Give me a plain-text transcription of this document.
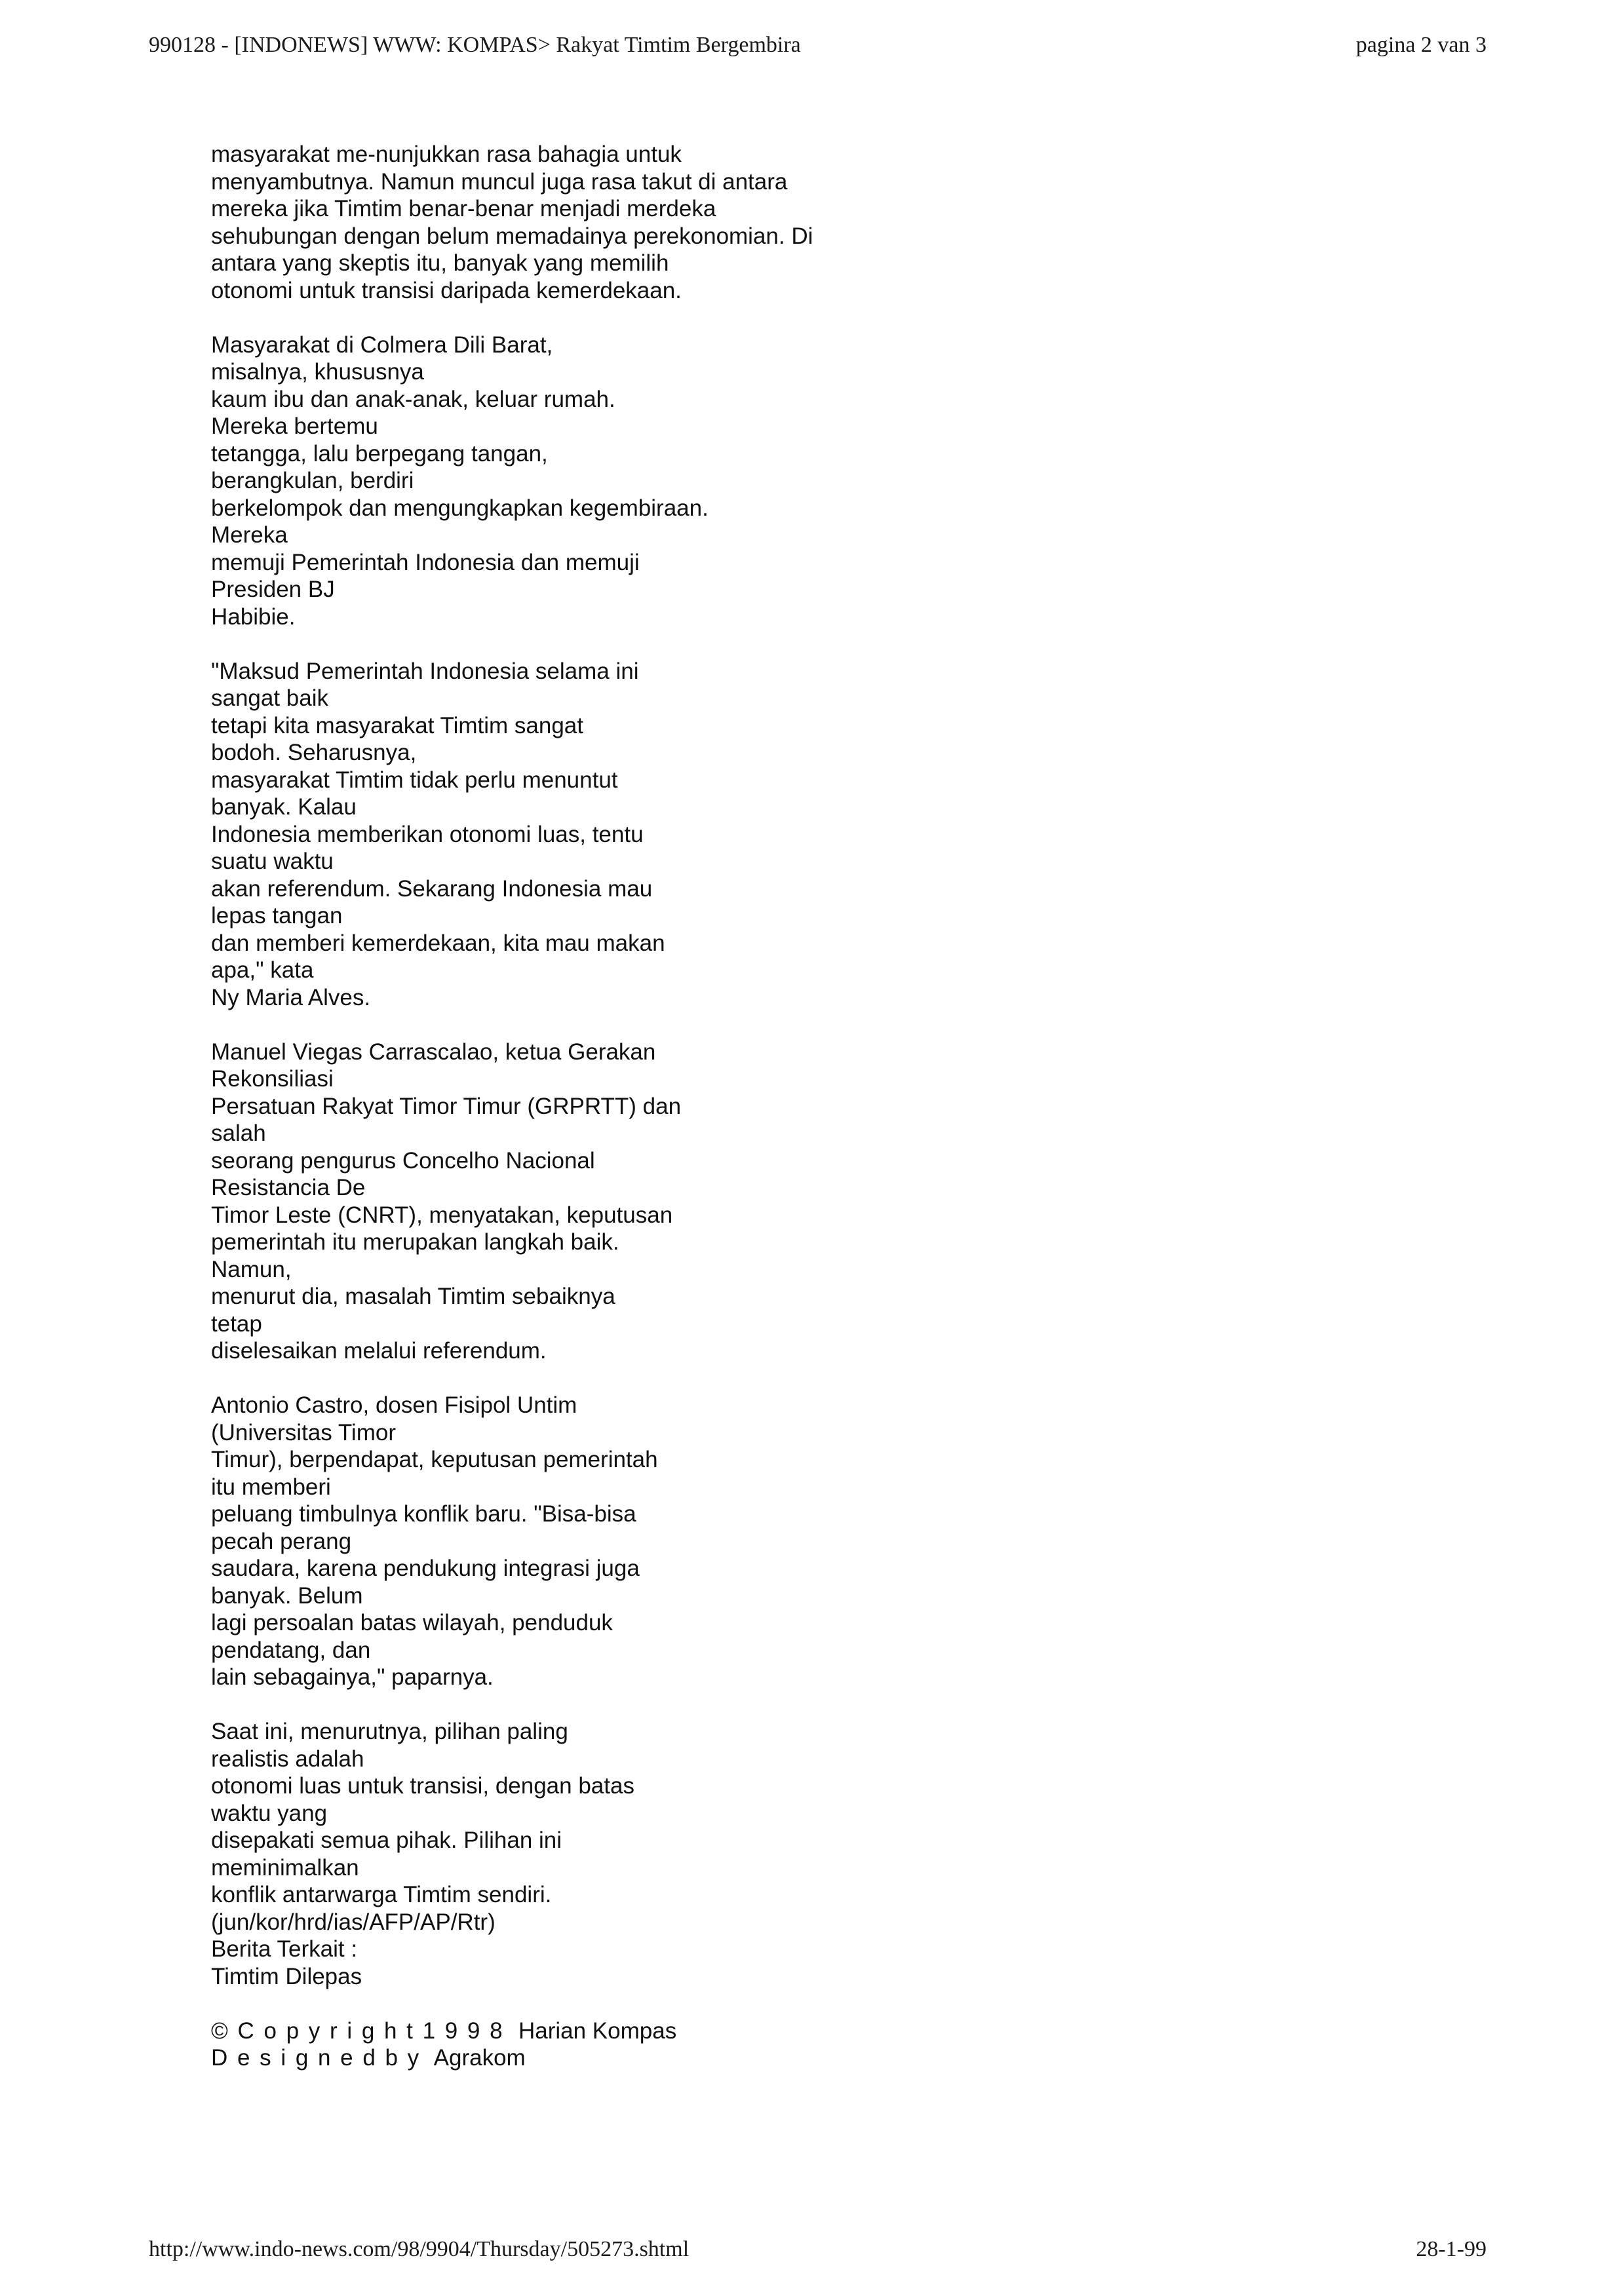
990128 - [INDONEWS] WWW: KOMPAS> Rakyat Timtim Bergembira	pagina 2 van 3
masyarakat me-nunjukkan rasa bahagia untuk
menyambutnya. Namun muncul juga rasa takut di antara
mereka jika Timtim benar-benar menjadi merdeka
sehubungan dengan belum memadainya perekonomian. Di
antara yang skeptis itu, banyak yang memilih
otonomi untuk transisi daripada kemerdekaan.
Masyarakat di Colmera Dili Barat,
misalnya, khususnya
kaum ibu dan anak-anak, keluar rumah.
Mereka bertemu
tetangga, lalu berpegang tangan,
berangkulan, berdiri
berkelompok dan mengungkapkan kegembiraan.
Mereka
memuji Pemerintah Indonesia dan memuji
Presiden BJ
Habibie.
"Maksud Pemerintah Indonesia selama ini
sangat baik
tetapi kita masyarakat Timtim sangat
bodoh. Seharusnya,
masyarakat Timtim tidak perlu menuntut
banyak. Kalau
Indonesia memberikan otonomi luas, tentu
suatu waktu
akan referendum. Sekarang Indonesia mau
lepas tangan
dan memberi kemerdekaan, kita mau makan
apa," kata
Ny Maria Alves.
Manuel Viegas Carrascalao, ketua Gerakan
Rekonsiliasi
Persatuan Rakyat Timor Timur (GRPRTT) dan
salah
seorang pengurus Concelho Nacional
Resistancia De
Timor Leste (CNRT), menyatakan, keputusan
pemerintah itu merupakan langkah baik.
Namun,
menurut dia, masalah Timtim sebaiknya
tetap
diselesaikan melalui referendum.
Antonio Castro, dosen Fisipol Untim
(Universitas Timor
Timur), berpendapat, keputusan pemerintah
itu memberi
peluang timbulnya konflik baru. "Bisa-bisa
pecah perang
saudara, karena pendukung integrasi juga
banyak. Belum
lagi persoalan batas wilayah, penduduk
pendatang, dan
lain sebagainya," paparnya.
Saat ini, menurutnya, pilihan paling
realistis adalah
otonomi luas untuk transisi, dengan batas
waktu yang
disepakati semua pihak. Pilihan ini
meminimalkan
konflik antarwarga Timtim sendiri.
(jun/kor/hrd/ias/AFP/AP/Rtr)
Berita Terkait :
Timtim Dilepas
©Copyright1998 Harian Kompas
Designedby Agrakom
http://www.indo-news.com/98/9904/Thursday/505273.shtml	28-1-99
